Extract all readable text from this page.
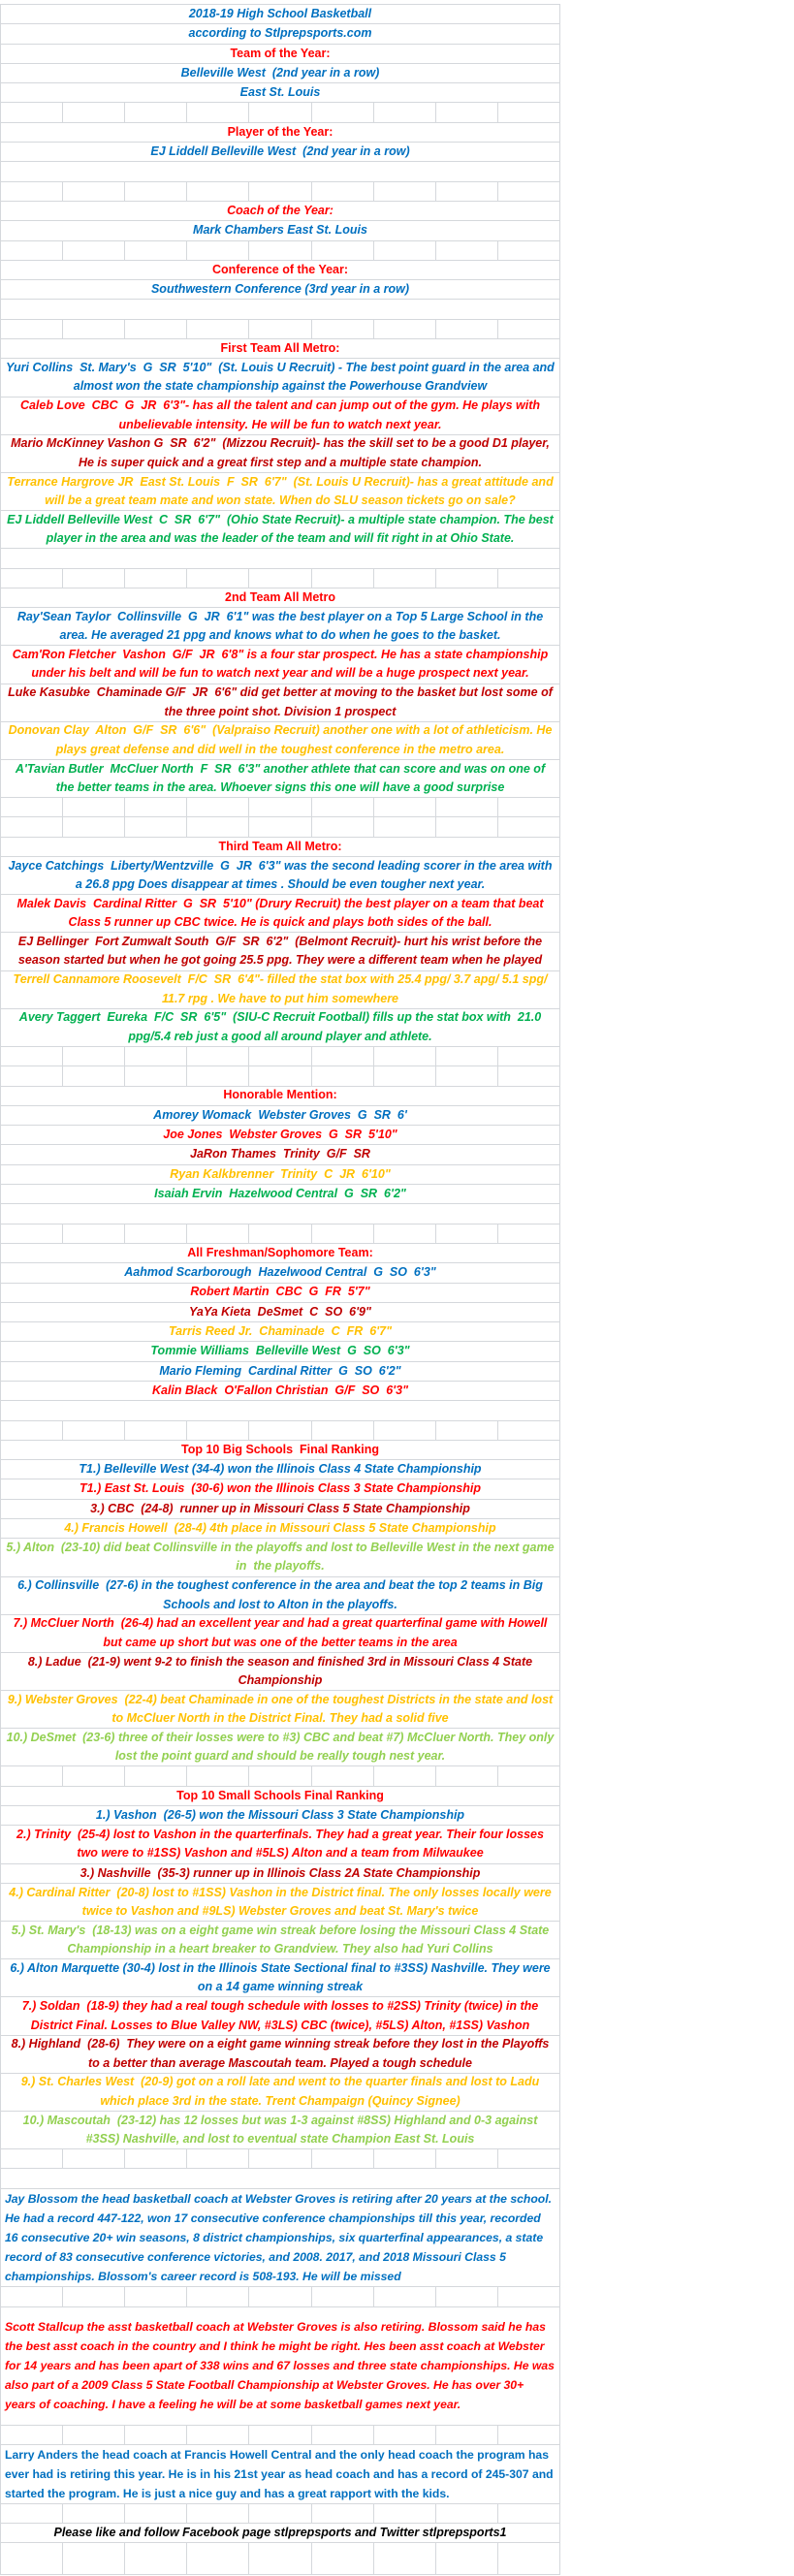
2018-19 High School Basketball
according to Stlprepsports.com
Team of the Year:
Belleville West  (2nd year in a row)
East St. Louis
Player of the Year:
EJ Liddell Belleville West  (2nd year in a row)
Coach of the Year:
Mark Chambers East St. Louis
Conference of the Year:
Southwestern Conference (3rd year in a row)
First Team All Metro:
Yuri Collins  St. Mary's  G  SR  5'10"  (St. Louis U Recruit) - The best point guard in the area and almost won the state championship against the Powerhouse Grandview
Caleb Love  CBC  G  JR  6'3"- has all the talent and can jump out of the gym. He plays with unbelievable intensity. He will be fun to watch next year.
Mario McKinney Vashon G  SR  6'2"  (Mizzou Recruit)- has the skill set to be a good D1 player, He is super quick and a great first step and a multiple state champion.
Terrance Hargrove JR  East St. Louis  F  SR  6'7"  (St. Louis U Recruit)- has a great attitude and will be a great team mate and won state. When do SLU season tickets go on sale?
EJ Liddell Belleville West  C  SR  6'7"  (Ohio State Recruit)- a multiple state champion. The best player in the area and was the leader of the team and will fit right in at Ohio State.
2nd Team All Metro
Ray'Sean Taylor  Collinsville  G  JR  6'1" was the best player on a Top 5 Large School in the area. He averaged 21 ppg and knows what to do when he goes to the basket.
Cam'Ron Fletcher  Vashon  G/F  JR  6'8" is a four star prospect. He has a state championship under his belt and will be fun to watch next year and will be a huge prospect next year.
Luke Kasubke  Chaminade G/F  JR  6'6" did get better at moving to the basket but lost some of the three point shot. Division 1 prospect
Donovan Clay  Alton  G/F  SR  6'6"  (Valpraiso Recruit) another one with a lot of athleticism. He plays great defense and did well in the toughest conference in the metro area.
A'Tavian Butler  McCluer North  F  SR  6'3" another athlete that can score and was on one of the better teams in the area. Whoever signs this one will have a good surprise
Third Team All Metro:
Jayce Catchings  Liberty/Wentzville  G  JR  6'3" was the second leading scorer in the area with a 26.8 ppg Does disappear at times . Should be even tougher next year.
Malek Davis  Cardinal Ritter  G  SR  5'10" (Drury Recruit) the best player on a team that beat Class 5 runner up CBC twice. He is quick and plays both sides of the ball.
EJ Bellinger  Fort Zumwalt South  G/F  SR  6'2"  (Belmont Recruit)- hurt his wrist before the season started but when he got going 25.5 ppg. They were a different team when he played
Terrell Cannamore Roosevelt  F/C  SR  6'4"- filled the stat box with 25.4 ppg/ 3.7 apg/ 5.1 spg/ 11.7 rpg . We have to put him somewhere
Avery Taggert  Eureka  F/C  SR  6'5"  (SIU-C Recruit Football) fills up the stat box with  21.0 ppg/5.4 reb just a good all around player and athlete.
Honorable Mention:
Amorey Womack  Webster Groves  G  SR  6'
Joe Jones  Webster Groves  G  SR  5'10"
JaRon Thames  Trinity  G/F  SR
Ryan Kalkbrenner  Trinity  C  JR  6'10"
Isaiah Ervin  Hazelwood Central  G  SR  6'2"
All Freshman/Sophomore Team:
Aahmod Scarborough  Hazelwood Central  G  SO  6'3"
Robert Martin  CBC  G  FR  5'7"
YaYa Kieta  DeSmet  C  SO  6'9"
Tarris Reed Jr.  Chaminade  C  FR  6'7"
Tommie Williams  Belleville West  G  SO  6'3"
Mario Fleming  Cardinal Ritter  G  SO  6'2"
Kalin Black  O'Fallon Christian  G/F  SO  6'3"
Top 10 Big Schools  Final Ranking
T1.) Belleville West (34-4) won the Illinois Class 4 State Championship
T1.) East St. Louis  (30-6) won the Illinois Class 3 State Championship
3.) CBC  (24-8)  runner up in Missouri Class 5 State Championship
4.) Francis Howell  (28-4) 4th place in Missouri Class 5 State Championship
5.) Alton  (23-10) did beat Collinsville in the playoffs and lost to Belleville West in the next game in  the playoffs.
6.) Collinsville  (27-6) in the toughest conference in the area and beat the top 2 teams in Big Schools and lost to Alton in the playoffs.
7.) McCluer North  (26-4) had an excellent year and had a great quarterfinal game with Howell but came up short but was one of the better teams in the area
8.) Ladue  (21-9) went 9-2 to finish the season and finished 3rd in Missouri Class 4 State Championship
9.) Webster Groves  (22-4) beat Chaminade in one of the toughest Districts in the state and lost to McCluer North in the District Final. They had a solid five
10.) DeSmet  (23-6) three of their losses were to #3) CBC and beat #7) McCluer North. They only lost the point guard and should be really tough nest year.
Top 10 Small Schools Final Ranking
1.) Vashon  (26-5) won the Missouri Class 3 State Championship
2.) Trinity  (25-4) lost to Vashon in the quarterfinals. They had a great year. Their four losses two were to #1SS) Vashon and #5LS) Alton and a team from Milwaukee
3.) Nashville  (35-3) runner up in Illinois Class 2A State Championship
4.) Cardinal Ritter  (20-8) lost to #1SS) Vashon in the District final. The only losses locally were twice to Vashon and #9LS) Webster Groves and beat St. Mary's twice
5.) St. Mary's  (18-13) was on a eight game win streak before losing the Missouri Class 4 State Championship in a heart breaker to Grandview. They also had Yuri Collins
6.) Alton Marquette (30-4) lost in the Illinois State Sectional final to #3SS) Nashville. They were on a 14 game winning streak
7.) Soldan  (18-9) they had a real tough schedule with losses to #2SS) Trinity (twice) in the District Final. Losses to Blue Valley NW, #3LS) CBC (twice), #5LS) Alton, #1SS) Vashon
8.) Highland  (28-6)  They were on a eight game winning streak before they lost in the Playoffs  to a better than average Mascoutah team. Played a tough schedule
9.) St. Charles West  (20-9) got on a roll late and went to the quarter finals and lost to Ladu which place 3rd in the state. Trent Champaign (Quincy Signee)
10.) Mascoutah  (23-12) has 12 losses but was 1-3 against #8SS) Highland and 0-3 against #3SS) Nashville, and lost to eventual state Champion East St. Louis
Jay Blossom the head basketball coach at Webster Groves is retiring after 20 years at the school. He had a record 447-122, won 17 consecutive conference championships till this year, recorded 16 consecutive 20+ win seasons, 8 district championships, six quarterfinal appearances, a state record of 83 consecutive conference victories, and 2008. 2017, and 2018 Missouri Class 5 championships. Blossom's career record is 508-193. He will be missed
Scott Stallcup the asst basketball coach at Webster Groves is also retiring. Blossom said he has the best asst coach in the country and I think he might be right. Hes been asst coach at Webster for 14 years and has been apart of 338 wins and 67 losses and three state championships. He was also part of a 2009 Class 5 State Football Championship at Webster Groves. He has over 30+ years of coaching. I have a feeling he will be at some basketball games next year.
Larry Anders the head coach at Francis Howell Central and the only head coach the program has ever had is retiring this year. He is in his 21st year as head coach and has a record of 245-307 and started the program. He is just a nice guy and has a great rapport with the kids.
Please like and follow Facebook page stlprepsports and Twitter stlprepsports1
